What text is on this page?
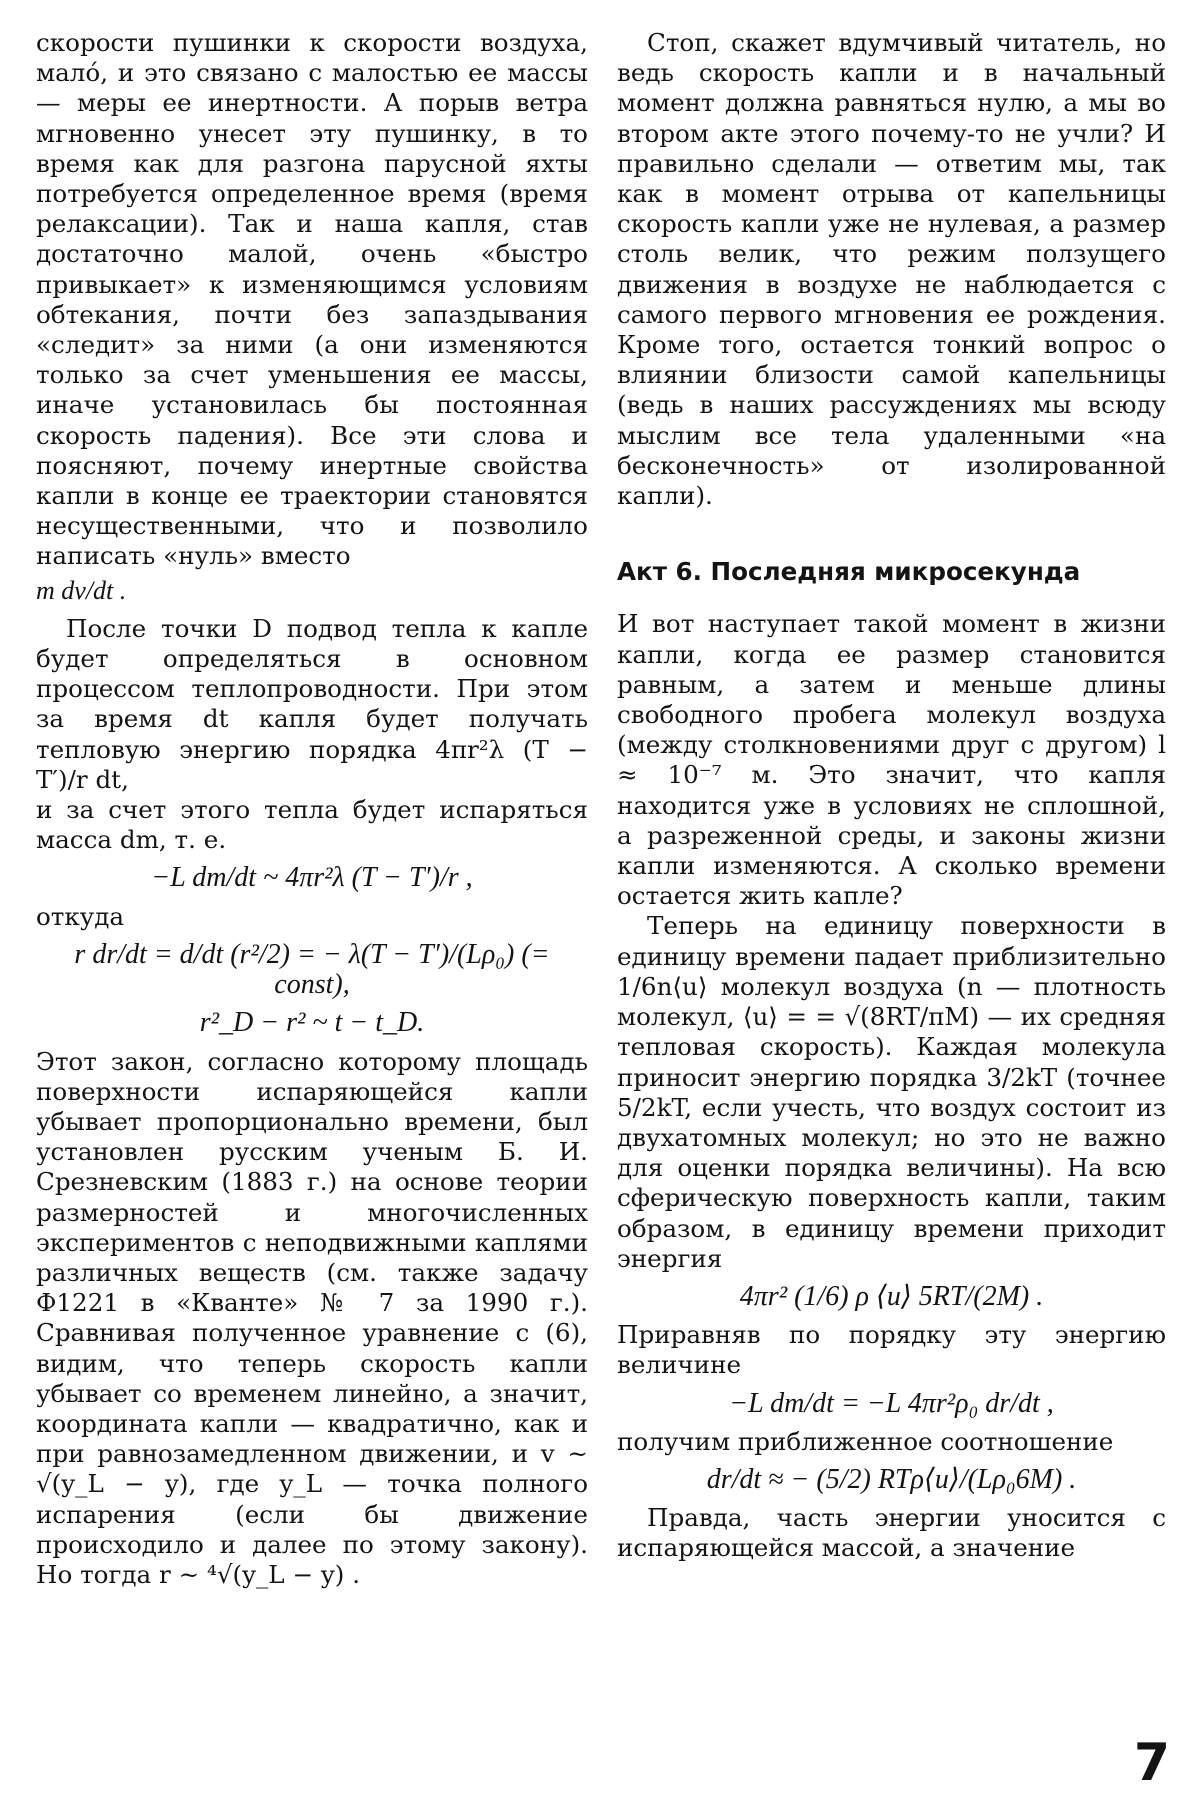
скорости пушинки к скорости воздуха, мало́, и это связано с малостью ее массы — меры ее инертности. А порыв ветра мгновенно унесет эту пушинку, в то время как для разгона парусной яхты потребуется определенное время (время релаксации). Так и наша капля, став достаточно малой, очень «быстро привыкает» к изменяющимся условиям обтекания, почти без запаздывания «следит» за ними (а они изменяются только за счет уменьшения ее массы, иначе установилась бы постоянная скорость падения). Все эти слова и поясняют, почему инертные свойства капли в конце ее траектории становятся несущественными, что и позволило написать «нуль» вместо

m dv/dt .

После точки D подвод тепла к капле будет определяться в основном процессом теплопроводности. При этом за время dt капля будет получать тепловую энергию порядка 4πr²λ (T − T′)/r dt,

и за счет этого тепла будет испаряться масса dm, т. е.

−L dm/dt ~ 4πr²λ (T − T′)/r ,

откуда

r dr/dt = d/dt (r²/2) = − λ(T − T′)/(Lρ₀) (= const),
r²_D − r² ~ t − t_D.

Этот закон, согласно которому площадь поверхности испаряющейся капли убывает пропорционально времени, был установлен русским ученым Б. И. Срезневским (1883 г.) на основе теории размерностей и многочисленных экспериментов с неподвижными каплями различных веществ (см. также задачу Ф1221 в «Кванте» № 7 за 1990 г.). Сравнивая полученное уравнение с (6), видим, что теперь скорость капли убывает со временем линейно, а значит, координата капли — квадратично, как и при равнозамедленном движении, и v ~ √(y_L − y), где y_L — точка полного испарения (если бы движение происходило и далее по этому закону). Но тогда r ~ ⁴√(y_L − y) .

Стоп, скажет вдумчивый читатель, но ведь скорость капли и в начальный момент должна равняться нулю, а мы во втором акте этого почему-то не учли? И правильно сделали — ответим мы, так как в момент отрыва от капельницы скорость капли уже не нулевая, а размер столь велик, что режим ползущего движения в воздухе не наблюдается с самого первого мгновения ее рождения. Кроме того, остается тонкий вопрос о влиянии близости самой капельницы (ведь в наших рассуждениях мы всюду мыслим все тела удаленными «на бесконечность» от изолированной капли).

Акт 6. Последняя микросекунда

И вот наступает такой момент в жизни капли, когда ее размер становится равным, а затем и меньше длины свободного пробега молекул воздуха (между столкновениями друг с другом) l ≈ 10⁻⁷ м. Это значит, что капля находится уже в условиях не сплошной, а разреженной среды, и законы жизни капли изменяются. А сколько времени остается жить капле?

Теперь на единицу поверхности в единицу времени падает приблизительно 1/6n⟨u⟩ молекул воздуха (n — плотность молекул, ⟨u⟩ = = √(8RT/πM) — их средняя тепловая скорость). Каждая молекула приносит энергию порядка 3/2kT (точнее 5/2kT, если учесть, что воздух состоит из двухатомных молекул; но это не важно для оценки порядка величины). На всю сферическую поверхность капли, таким образом, в единицу времени приходит энергия

4πr² (1/6) ρ ⟨u⟩ 5RT/(2M) .

Приравняв по порядку эту энергию величине

−L dm/dt = −L 4πr²ρ₀ dr/dt ,

получим приближенное соотношение

dr/dt ≈ − (5/2) RTρ⟨u⟩/(Lρ₀6M) .

Правда, часть энергии уносится с испаряющейся массой, а значение

7
